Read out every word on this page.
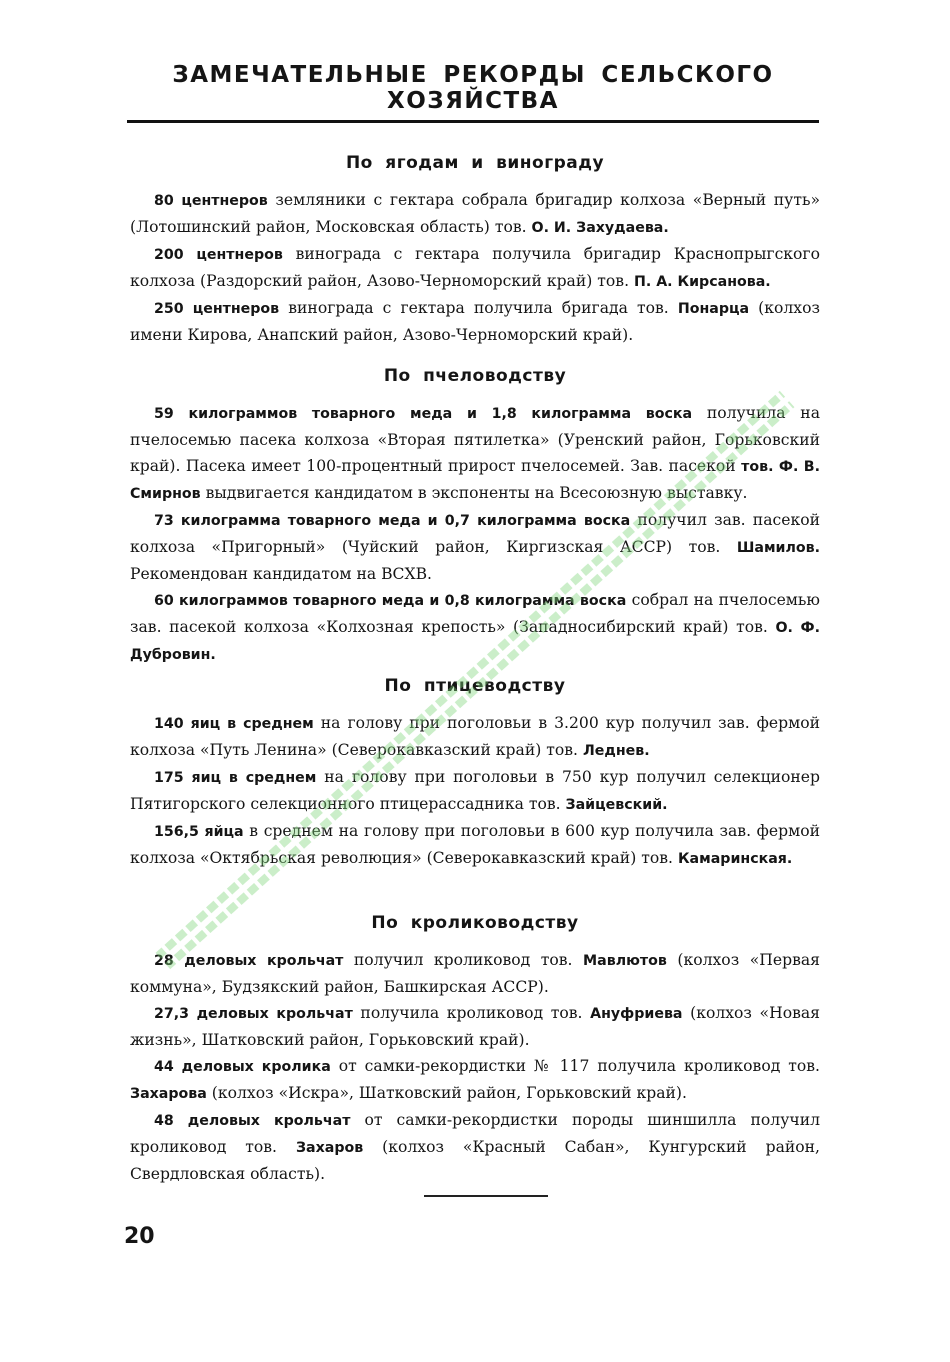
ЗАМЕЧАТЕЛЬНЫЕ РЕКОРДЫ СЕЛЬСКОГО ХОЗЯЙСТВА
По ягодам и винограду

80 центнеров земляники с гектара собрала бригадир колхоза «Верный путь» (Лотошинский район, Московская область) тов. О. И. Захудаева.

200 центнеров винограда с гектара получила бригадир Краснопрыгского колхоза (Раздорский район, Азово-Черноморский край) тов. П. А. Кирсанова.

250 центнеров винограда с гектара получила бригада тов. Понарца (колхоз имени Кирова, Анапский район, Азово-Черноморский край).

По пчеловодству

59 килограммов товарного меда и 1,8 килограмма воска получила на пчелосемью пасека колхоза «Вторая пятилетка» (Уренский район, Горьковский край). Пасека имеет 100-процентный прирост пчелосемей. Зав. пасекой тов. Ф. В. Смирнов выдвигается кандидатом в экспоненты на Всесоюзную выставку.

73 килограмма товарного меда и 0,7 килограмма воска получил зав. пасекой колхоза «Пригорный» (Чуйский район, Киргизская АССР) тов. Шамилов. Рекомендован кандидатом на ВСХВ.

60 килограммов товарного меда и 0,8 килограмма воска собрал на пчелосемью зав. пасекой колхоза «Колхозная крепость» (Западносибирский край) тов. О. Ф. Дубровин.

По птицеводству

140 яиц в среднем на голову при поголовьи в 3.200 кур получил зав. фермой колхоза «Путь Ленина» (Северокавказский край) тов. Леднев.

175 яиц в среднем на голову при поголовьи в 750 кур получил селекционер Пятигорского селекционного птицерассадника тов. Зайцевский.

156,5 яйца в среднем на голову при поголовьи в 600 кур получила зав. фермой колхоза «Октябрьская революция» (Северокавказский край) тов. Камаринская.

По кролиководству

28 деловых крольчат получил кроликовод тов. Мавлютов (колхоз «Первая коммуна», Будзякский район, Башкирская АССР).

27,3 деловых крольчат получила кроликовод тов. Ануфриева (колхоз «Новая жизнь», Шатковский район, Горьковский край).

44 деловых кролика от самки-рекордистки № 117 получила кроликовод тов. Захарова (колхоз «Искра», Шатковский район, Горьковский край).

48 деловых крольчат от самки-рекордистки породы шиншилла получил кроликовод тов. Захаров (колхоз «Красный Сабан», Кунгурский район, Свердловская область).

20
